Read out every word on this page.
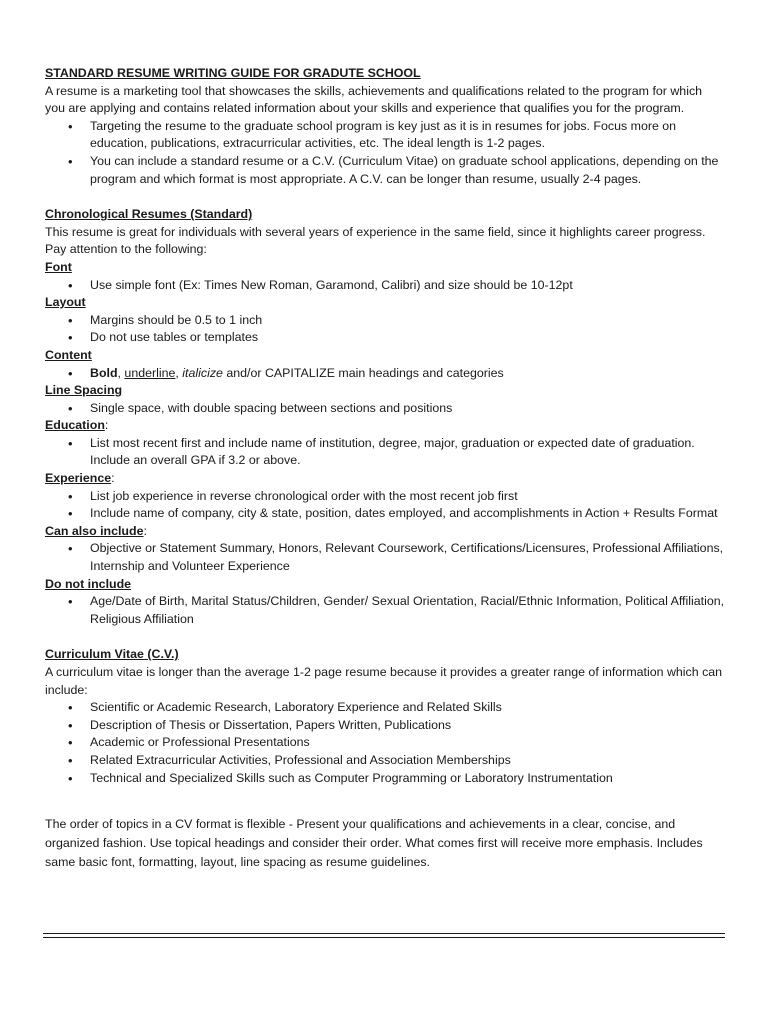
STANDARD RESUME WRITING GUIDE FOR GRADUTE SCHOOL

A resume is a marketing tool that showcases the skills, achievements and qualifications related to the program for which you are applying and contains related information about your skills and experience that qualifies you for the program.

• Targeting the resume to the graduate school program is key just as it is in resumes for jobs. Focus more on education, publications, extracurricular activities, etc. The ideal length is 1-2 pages.
• You can include a standard resume or a C.V. (Curriculum Vitae) on graduate school applications, depending on the program and which format is most appropriate. A C.V. can be longer than resume, usually 2-4 pages.

Chronological Resumes (Standard)

This resume is great for individuals with several years of experience in the same field, since it highlights career progress. Pay attention to the following:

Font

• Use simple font (Ex: Times New Roman, Garamond, Calibri) and size should be 10-12pt

Layout

• Margins should be 0.5 to 1 inch
• Do not use tables or templates

Content

• Bold, underline, italicize and/or CAPITALIZE main headings and categories

Line Spacing

• Single space, with double spacing between sections and positions

Education:

• List most recent first and include name of institution, degree, major, graduation or expected date of graduation. Include an overall GPA if 3.2 or above.

Experience:

• List job experience in reverse chronological order with the most recent job first
• Include name of company, city & state, position, dates employed, and accomplishments in Action + Results Format

Can also include:

• Objective or Statement Summary, Honors, Relevant Coursework, Certifications/Licensures, Professional Affiliations, Internship and Volunteer Experience

Do not include

• Age/Date of Birth, Marital Status/Children, Gender/ Sexual Orientation, Racial/Ethnic Information, Political Affiliation, Religious Affiliation

Curriculum Vitae (C.V.)

A curriculum vitae is longer than the average 1-2 page resume because it provides a greater range of information which can include:

• Scientific or Academic Research, Laboratory Experience and Related Skills
• Description of Thesis or Dissertation, Papers Written, Publications
• Academic or Professional Presentations
• Related Extracurricular Activities, Professional and Association Memberships
• Technical and Specialized Skills such as Computer Programming or Laboratory Instrumentation

The order of topics in a CV format is flexible - Present your qualifications and achievements in a clear, concise, and organized fashion. Use topical headings and consider their order. What comes first will receive more emphasis. Includes same basic font, formatting, layout, line spacing as resume guidelines.
